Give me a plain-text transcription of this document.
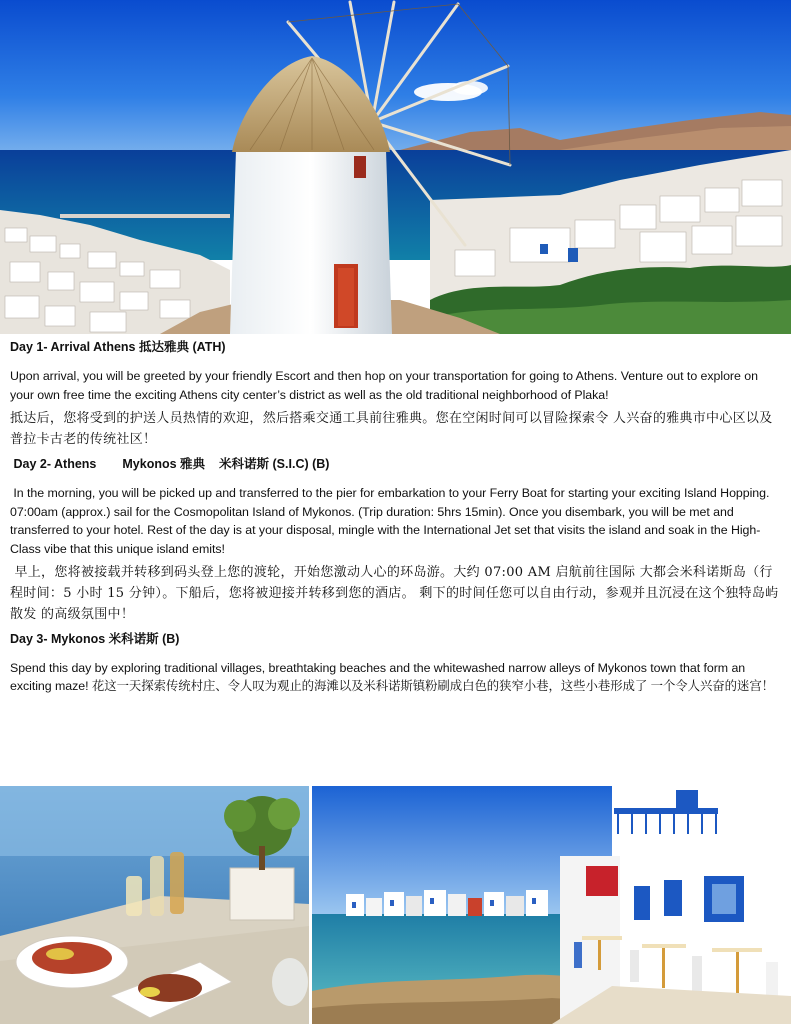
Day 1- Arrival Athens 抵达雅典 (ATH)

Upon arrival, you will be greeted by your friendly Escort and then hop on your transportation for going to Athens. Venture out to explore on your own free time the exciting Athens city center’s district as well as the old traditional neighborhood of Plaka!

抵达后，您将受到的护送人员热情的欢迎，然后搭乘交通工具前往雅典。您在空闲时间可以冒险探索令 人兴奋的雅典市中心区以及普拉卡古老的传统社区！

Day 2- Athens Mykonos 雅典 米科诺斯 (S.I.C) (B)

In the morning, you will be picked up and transferred to the pier for embarkation to your Ferry Boat for starting your exciting Island Hopping. 07:00am (approx.) sail for the Cosmopolitan Island of Mykonos. (Trip duration: 5hrs 15min). Once you disembark, you will be met and transferred to your hotel. Rest of the day is at your disposal, mingle with the International Jet set that visits the island and soak in the High-Class vibe that this unique island emits!

早上，您将被接载并转移到码头登上您的渡轮，开始您激动人心的环岛游。大约 07:00 AM 启航前往国际 大都会米科诺斯岛（行程时间：5 小时 15 分钟）。下船后，您将被迎接并转移到您的酒店。 剩下的时间任您可以自由行动，参观并且沉浸在这个独特岛屿散发 的高级氛围中！

Day 3- Mykonos 米科诺斯 (B)

Spend this day by exploring traditional villages, breathtaking beaches and the whitewashed narrow alleys of Mykonos town that form an exciting maze! 花这一天探索传统村庄、令人叹为观止的海滩以及米科诺斯镇粉刷成白色的狭窄小巷，这些小巷形成了 一个令人兴奋的迷宫！
